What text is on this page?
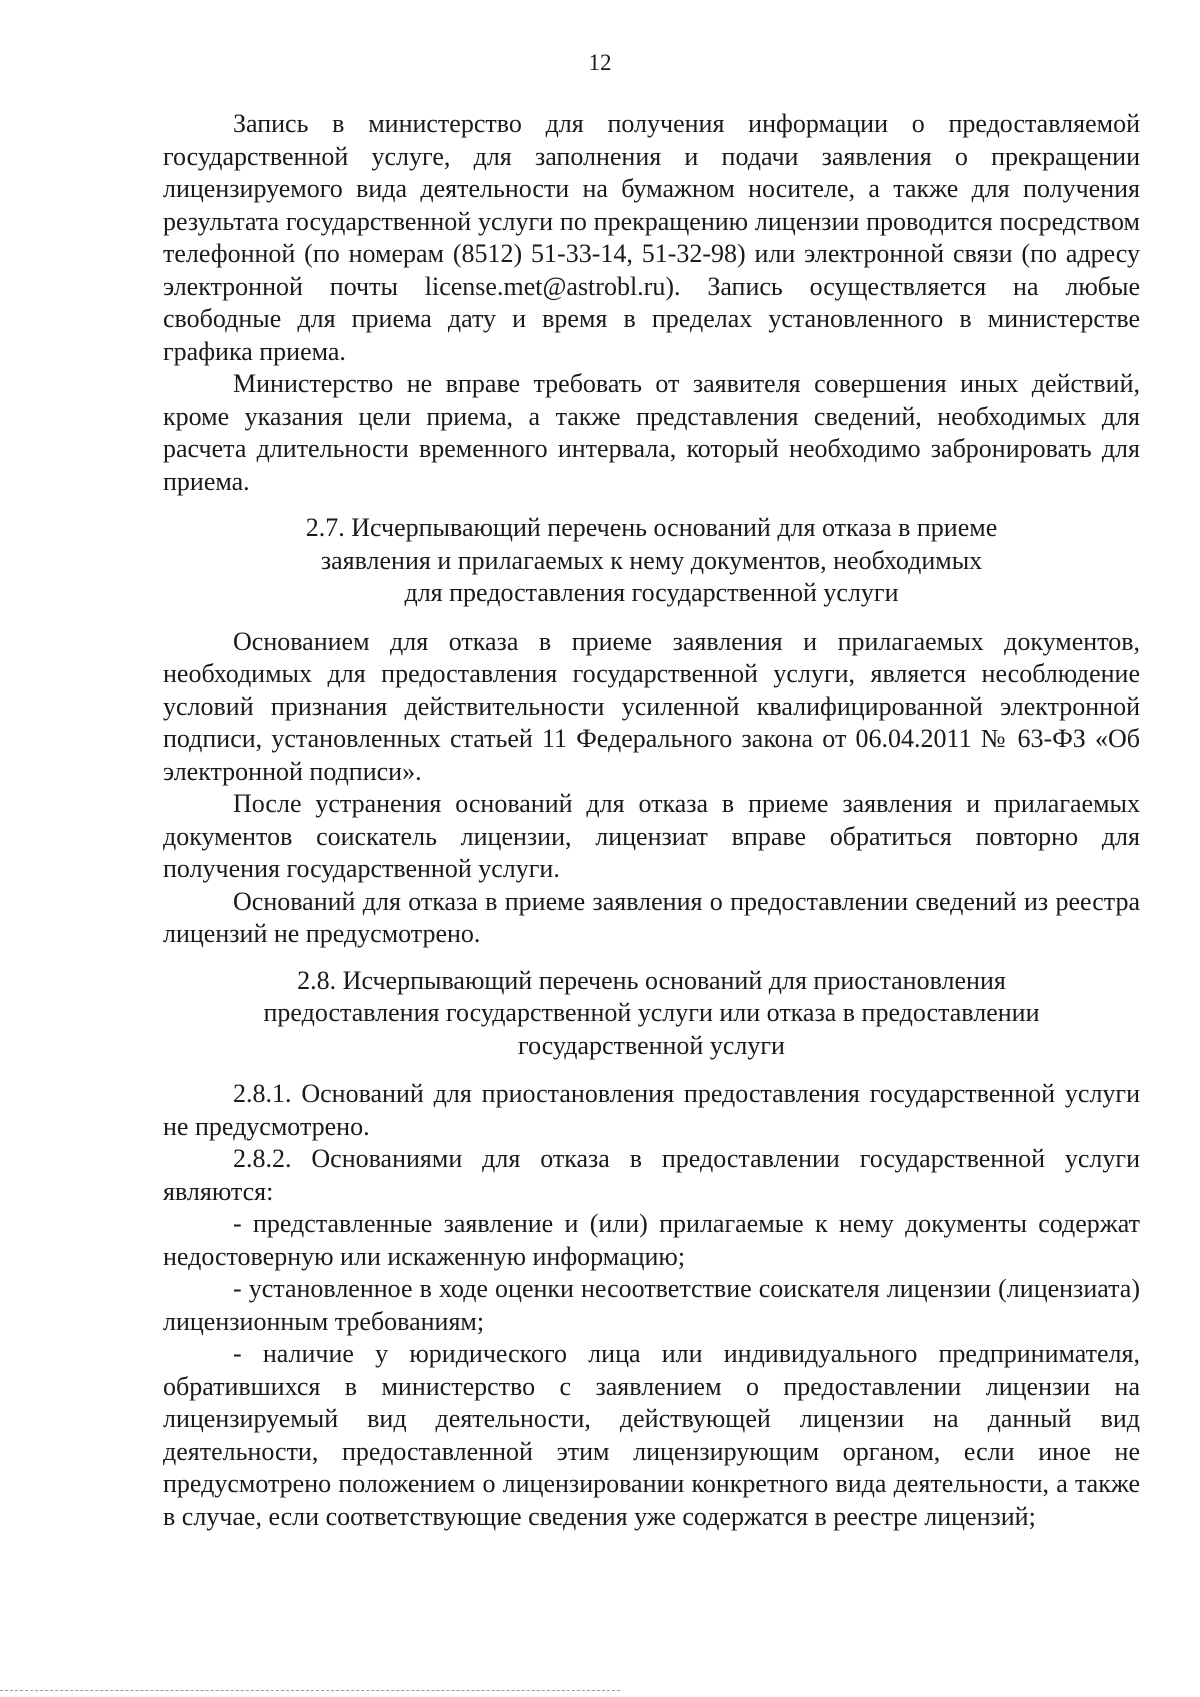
12

Запись в министерство для получения информации о предоставляемой государственной услуге, для заполнения и подачи заявления о прекращении лицензируемого вида деятельности на бумажном носителе, а также для получения результата государственной услуги по прекращению лицензии проводится посредством телефонной (по номерам (8512) 51-33-14, 51-32-98) или электронной связи (по адресу электронной почты license.met@astrobl.ru). Запись осуществляется на любые свободные для приема дату и время в пределах установленного в министерстве графика приема.

Министерство не вправе требовать от заявителя совершения иных действий, кроме указания цели приема, а также представления сведений, необходимых для расчета длительности временного интервала, который необходимо забронировать для приема.

2.7. Исчерпывающий перечень оснований для отказа в приеме
заявления и прилагаемых к нему документов, необходимых
для предоставления государственной услуги

Основанием для отказа в приеме заявления и прилагаемых документов, необходимых для предоставления государственной услуги, является несоблюдение условий признания действительности усиленной квалифицированной электронной подписи, установленных статьей 11 Федерального закона от 06.04.2011 № 63-ФЗ «Об электронной подписи».

После устранения оснований для отказа в приеме заявления и прилагаемых документов соискатель лицензии, лицензиат вправе обратиться повторно для получения государственной услуги.

Оснований для отказа в приеме заявления о предоставлении сведений из реестра лицензий не предусмотрено.

2.8. Исчерпывающий перечень оснований для приостановления
предоставления государственной услуги или отказа в предоставлении
государственной услуги

2.8.1. Оснований для приостановления предоставления государственной услуги не предусмотрено.

2.8.2. Основаниями для отказа в предоставлении государственной услуги являются:

- представленные заявление и (или) прилагаемые к нему документы содержат недостоверную или искаженную информацию;

- установленное в ходе оценки несоответствие соискателя лицензии (лицензиата) лицензионным требованиям;

- наличие у юридического лица или индивидуального предпринимателя, обратившихся в министерство с заявлением о предоставлении лицензии на лицензируемый вид деятельности, действующей лицензии на данный вид деятельности, предоставленной этим лицензирующим органом, если иное не предусмотрено положением о лицензировании конкретного вида деятельности, а также в случае, если соответствующие сведения уже содержатся в реестре лицензий;
